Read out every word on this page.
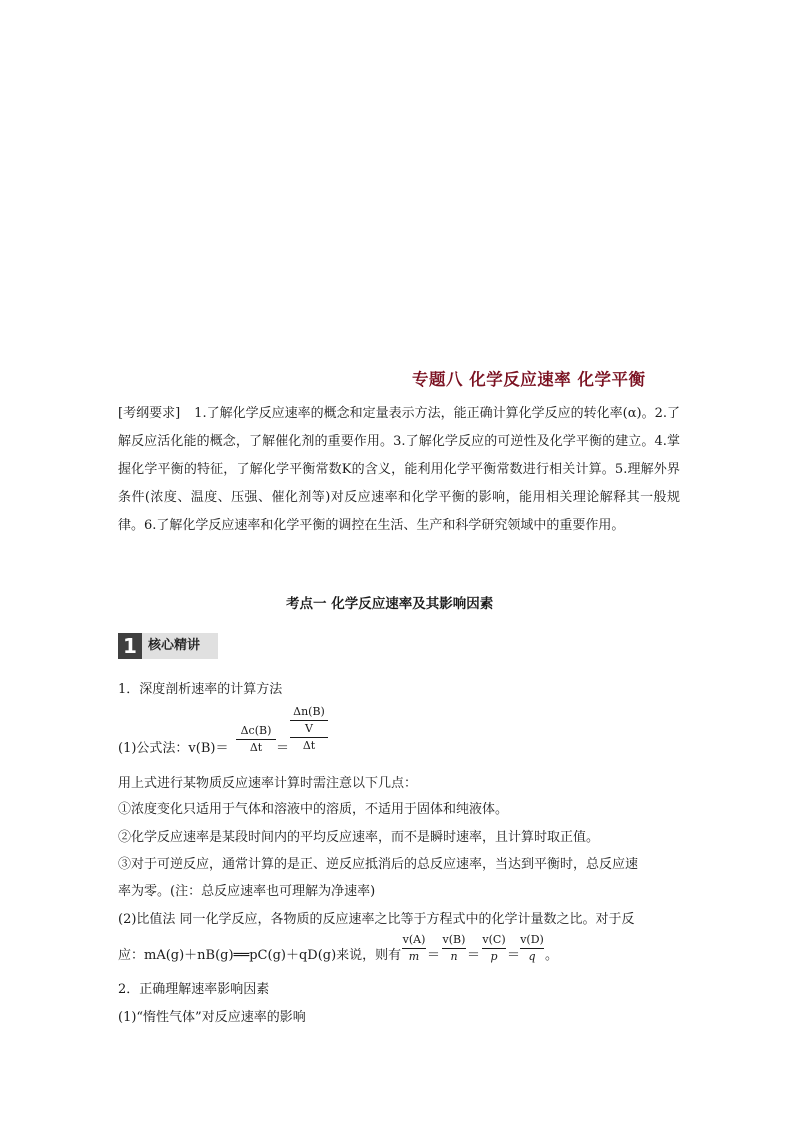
专题八 化学反应速率 化学平衡
[考纲要求] 1.了解化学反应速率的概念和定量表示方法，能正确计算化学反应的转化率(α)。2.了解反应活化能的概念，了解催化剂的重要作用。3.了解化学反应的可逆性及化学平衡的建立。4.掌握化学平衡的特征，了解化学平衡常数K的含义，能利用化学平衡常数进行相关计算。5.理解外界条件(浓度、温度、压强、催化剂等)对反应速率和化学平衡的影响，能用相关理论解释其一般规律。6.了解化学反应速率和化学平衡的调控在生活、生产和科学研究领域中的重要作用。
考点一 化学反应速率及其影响因素
1 核心精讲
1．深度剖析速率的计算方法
(1)公式法：v(B)＝
Δc(B)
Δt	＝
Δn(B)
V
Δt
用上式进行某物质反应速率计算时需注意以下几点：
①浓度变化只适用于气体和溶液中的溶质，不适用于固体和纯液体。
②化学反应速率是某段时间内的平均反应速率，而不是瞬时速率，且计算时取正值。
③对于可逆反应，通常计算的是正、逆反应抵消后的总反应速率，当达到平衡时，总反应速
率为零。(注：总反应速率也可理解为净速率)
(2)比值法 同一化学反应，各物质的反应速率之比等于方程式中的化学计量数之比。对于反
应：mA(g)＋nB(g)══pC(g)＋qD(g)来说，则有
v(A)
m ＝
v(B)
n ＝
v(C)
p ＝
v(D)
q 。
2．正确理解速率影响因素
(1)“惰性气体”对反应速率的影响
